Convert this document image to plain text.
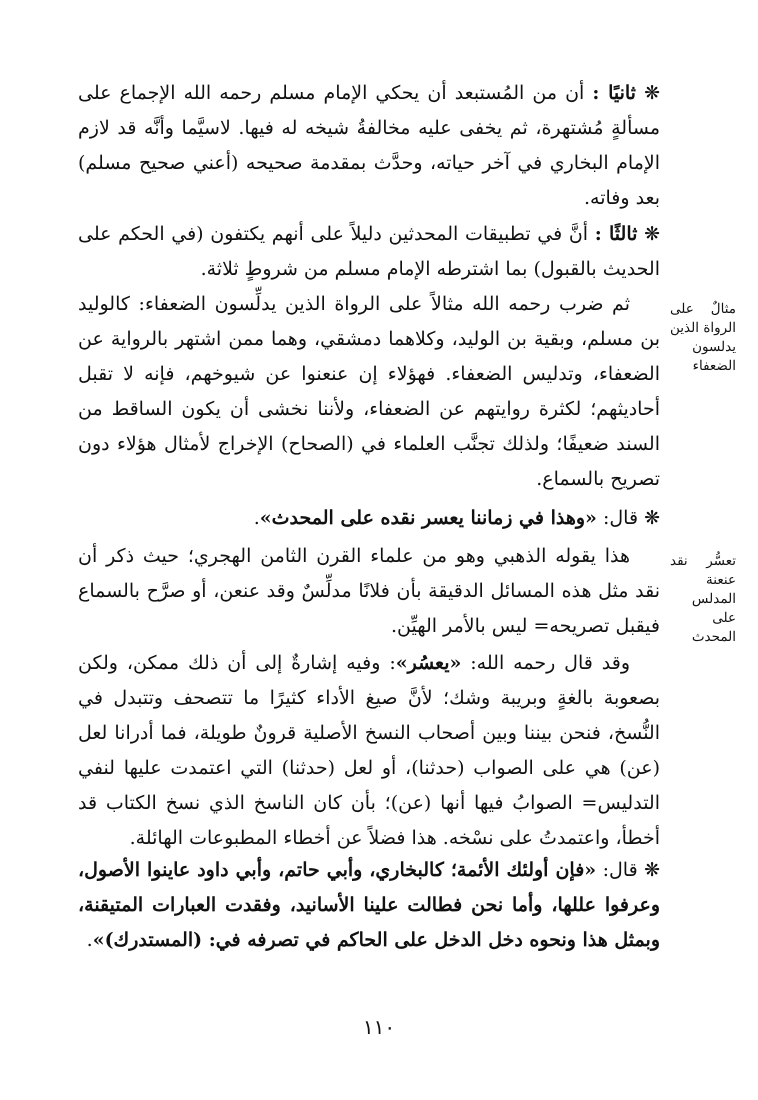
❋ ثانيًا : أن من المُستبعد أن يحكي الإمام مسلم رحمه الله الإجماع على مسألةٍ مُشتهرة، ثم يخفى عليه مخالفةُ شيخه له فيها. لاسيَّما وأنَّه قد لازم الإمام البخاري في آخر حياته، وحدَّث بمقدمة صحيحه (أعني صحيح مسلم) بعد وفاته.

❋ ثالثًا : أنَّ في تطبيقات المحدثين دليلاً على أنهم يكتفون (في الحكم على الحديث بالقبول) بما اشترطه الإمام مسلم من شروطٍ ثلاثة.

ثم ضرب رحمه الله مثالاً على الرواة الذين يدلِّسون الضعفاء: كالوليد بن مسلم، وبقية بن الوليد، وكلاهما دمشقي، وهما ممن اشتهر بالرواية عن الضعفاء، وتدليس الضعفاء. فهؤلاء إن عنعنوا عن شيوخهم، فإنه لا تقبل أحاديثهم؛ لكثرة روايتهم عن الضعفاء، ولأننا نخشى أن يكون الساقط من السند ضعيفًا؛ ولذلك تجنَّب العلماء في (الصحاح) الإخراج لأمثال هؤلاء دون تصريح بالسماع.

مثالٌ على الرواة الذين يدلسون الضعفاء

❋ قال: «وهذا في زماننا يعسر نقده على المحدث».

هذا يقوله الذهبي وهو من علماء القرن الثامن الهجري؛ حيث ذكر أن نقد مثل هذه المسائل الدقيقة بأن فلانًا مدلِّسٌ وقد عنعن، أو صرَّح بالسماع فيقبل تصريحه= ليس بالأمر الهيِّن.

تعسُّر نقد عنعنة المدلس على المحدث

وقد قال رحمه الله: «يعسُر»: وفيه إشارةٌ إلى أن ذلك ممكن، ولكن بصعوبة بالغةٍ وبريبة وشك؛ لأنَّ صيغ الأداء كثيرًا ما تتصحف وتتبدل في النُّسخ، فنحن بيننا وبين أصحاب النسخ الأصلية قرونٌ طويلة، فما أدرانا لعل (عن) هي على الصواب (حدثنا)، أو لعل (حدثنا) التي اعتمدت عليها لنفي التدليس= الصوابُ فيها أنها (عن)؛ بأن كان الناسخ الذي نسخ الكتاب قد أخطأ، واعتمدتُ على نسْخه. هذا فضلاً عن أخطاء المطبوعات الهائلة.

❋ قال: «فإن أولئك الأئمة؛ كالبخاري، وأبي حاتم، وأبي داود عاينوا الأصول، وعرفوا عللها، وأما نحن فطالت علينا الأسانيد، وفقدت العبارات المتيقنة، وبمثل هذا ونحوه دخل الدخل على الحاكم في تصرفه في: (المستدرك)».

١١٠
